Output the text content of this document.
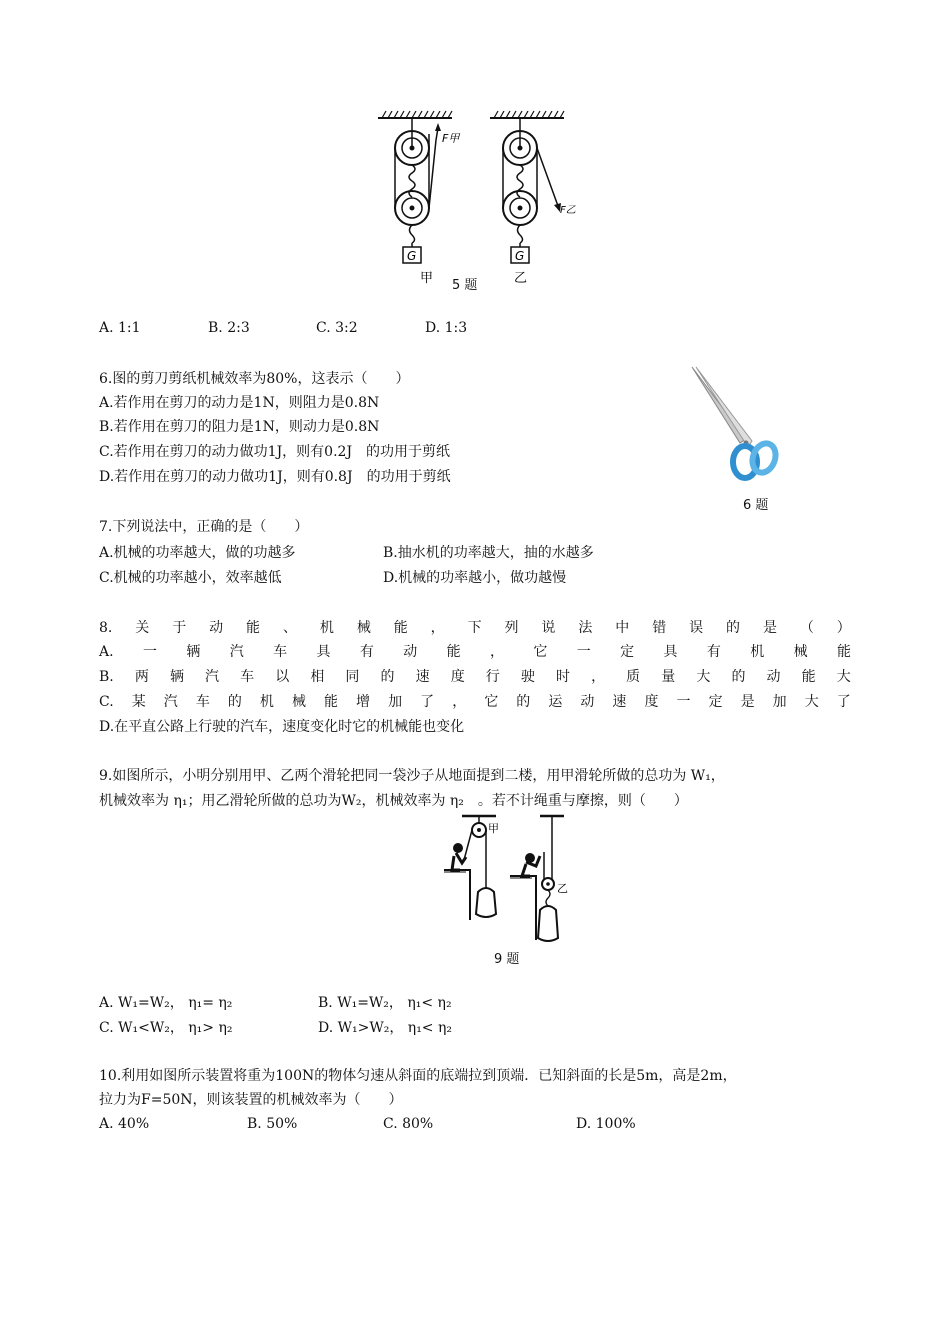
F甲
G
甲
F乙
G
乙
5 题
A. 1:1	B. 2:3	C. 3:2	D. 1:3
6.图的剪刀剪纸机械效率为80%，这表示（　　）
A.若作用在剪刀的动力是1N，则阻力是0.8N
B.若作用在剪刀的阻力是1N，则动力是0.8N
C.若作用在剪刀的动力做功1J，则有0.2J　的功用于剪纸
D.若作用在剪刀的动力做功1J，则有0.8J　的功用于剪纸
6 题
7.下列说法中，正确的是（　　）
A.机械的功率越大，做的功越多	B.抽水机的功率越大，抽的水越多
C.机械的功率越小，效率越低	D.机械的功率越小，做功越慢
8. 关 于 动 能 、 机 械 能 ， 下 列 说 法 中 错 误 的 是 （ ）
A. 一 辆 汽 车 具 有 动 能 ， 它 一 定 具 有 机 械 能
B. 两 辆 汽 车 以 相 同 的 速 度 行 驶 时 ， 质 量 大 的 动 能 大
C. 某 汽 车 的 机 械 能 增 加 了 ， 它 的 运 动 速 度 一 定 是 加 大 了
D.在平直公路上行驶的汽车，速度变化时它的机械能也变化
9.如图所示，小明分别用甲、乙两个滑轮把同一袋沙子从地面提到二楼，用甲滑轮所做的总功为 W₁，
机械效率为 η₁；用乙滑轮所做的总功为W₂，机械效率为 η₂　。若不计绳重与摩擦，则（　　）
甲
乙
9 题
A. W₁=W₂， η₁= η₂	B. W₁=W₂， η₁< η₂
C. W₁<W₂， η₁> η₂	D. W₁>W₂， η₁< η₂
10.利用如图所示装置将重为100N的物体匀速从斜面的底端拉到顶端．已知斜面的长是5m，高是2m，
拉力为F=50N，则该装置的机械效率为（　　）
A. 40%	B. 50%	C. 80%	D. 100%
